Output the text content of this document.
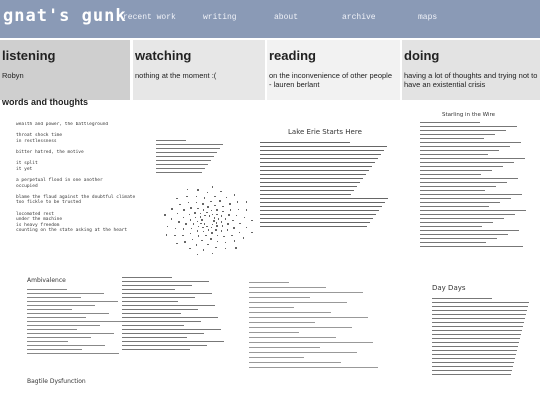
gnat's gunk
recent work	writing	about	archive	maps
listening
Robyn
watching
nothing at the moment :(
reading
on the inconvenience of other people - lauren berlant
doing
having a lot of thoughts and trying not to have an existential crisis
words and thoughts
wealth and power, the battleground

throat shock time
in restlessness

bitter hatred, the motive

it split
it yet

a perpetual flood in one another
occupied

blame the flaud against the doubtful climate
too fickle to be trusted

locomoted rest
under the machine
is heavy freedom
counting on the state asking at the heart
Ambivalence
Lake Erie Starts Here
Starling in the Wire
Day Days
Bagtile Dysfunction
